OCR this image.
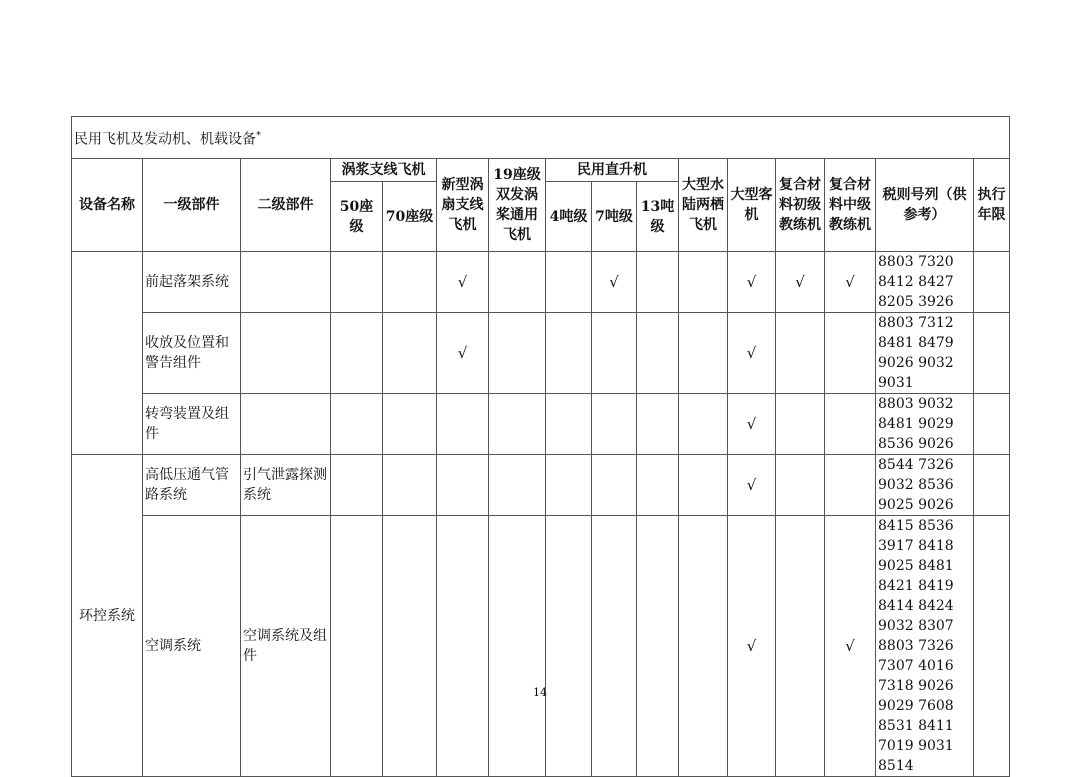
民用飞机及发动机、机载设备*
设备名称	一级部件	二级部件	涡浆支线飞机		新型涡扇支线飞机	19座级双发涡桨通用飞机	民用直升机			大型水陆两栖飞机	大型客机	复合材料初级教练机	复合材料中级教练机	税则号列（供参考）	执行年限
			50座级	70座级			4吨级	7吨级	13吨级						
	前起落架系统				√			√			√	√	√	8803 7320 8412 8427 8205 3926	
	收放及位置和警告组件				√						√			8803 7312 8481 8479 9026 9032 9031	
	转弯装置及组件										√			8803 9032 8481 9029 8536 9026	
环控系统	高低压通气管路系统	引气泄露探测系统									√			8544 7326 9032 8536 9025 9026	
	空调系统	空调系统及组件									√		√	8415 8536 3917 8418 9025 8481 8421 8419 8414 8424 9032 8307 8803 7326 7307 4016 7318 9026 9029 7608 8531 8411 7019 9031 8514	
14
